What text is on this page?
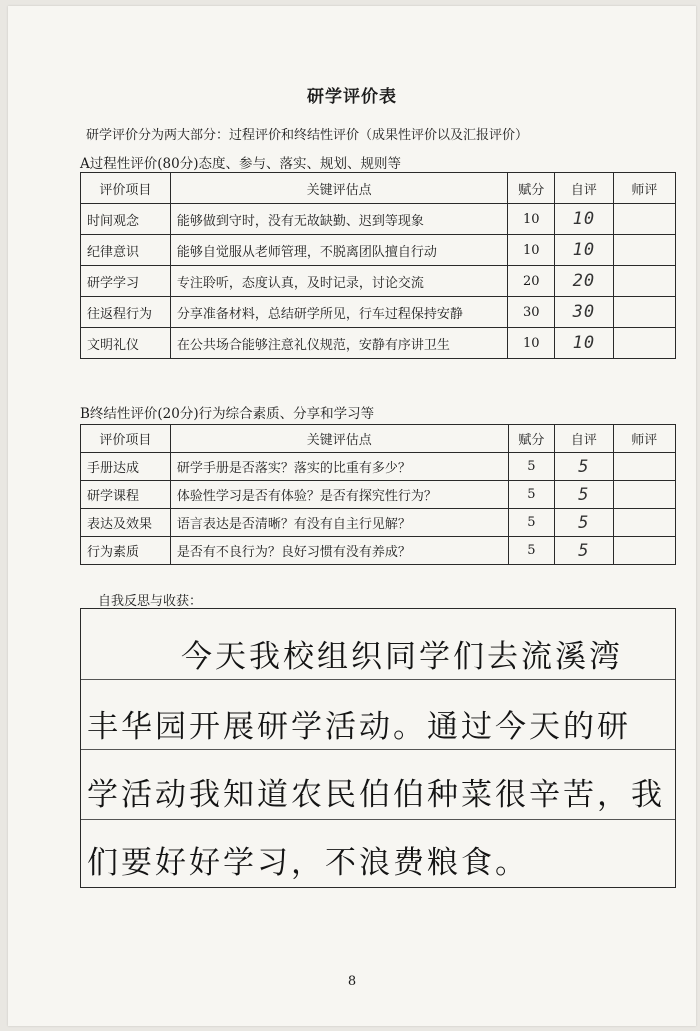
研学评价表
研学评价分为两大部分：过程评价和终结性评价（成果性评价以及汇报评价）
A过程性评价(80分)态度、参与、落实、规划、规则等
评价项目	关键评估点	赋分	自评	师评
时间观念	能够做到守时，没有无故缺勤、迟到等现象	10	10	
纪律意识	能够自觉服从老师管理，不脱离团队擅自行动	10	10	
研学学习	专注聆听，态度认真，及时记录，讨论交流	20	20	
往返程行为	分享准备材料，总结研学所见，行车过程保持安静	30	30	
文明礼仪	在公共场合能够注意礼仪规范，安静有序讲卫生	10	10	
B终结性评价(20分)行为综合素质、分享和学习等
评价项目	关键评估点	赋分	自评	师评
手册达成	研学手册是否落实？落实的比重有多少？	5	5	
研学课程	体验性学习是否有体验？是否有探究性行为？	5	5	
表达及效果	语言表达是否清晰？有没有自主行见解？	5	5	
行为素质	是否有不良行为？良好习惯有没有养成？	5	5	
自我反思与收获：
今天我校组织同学们去流溪湾
丰华园开展研学活动。通过今天的研
学活动我知道农民伯伯种菜很辛苦，我
们要好好学习，不浪费粮食。
8
